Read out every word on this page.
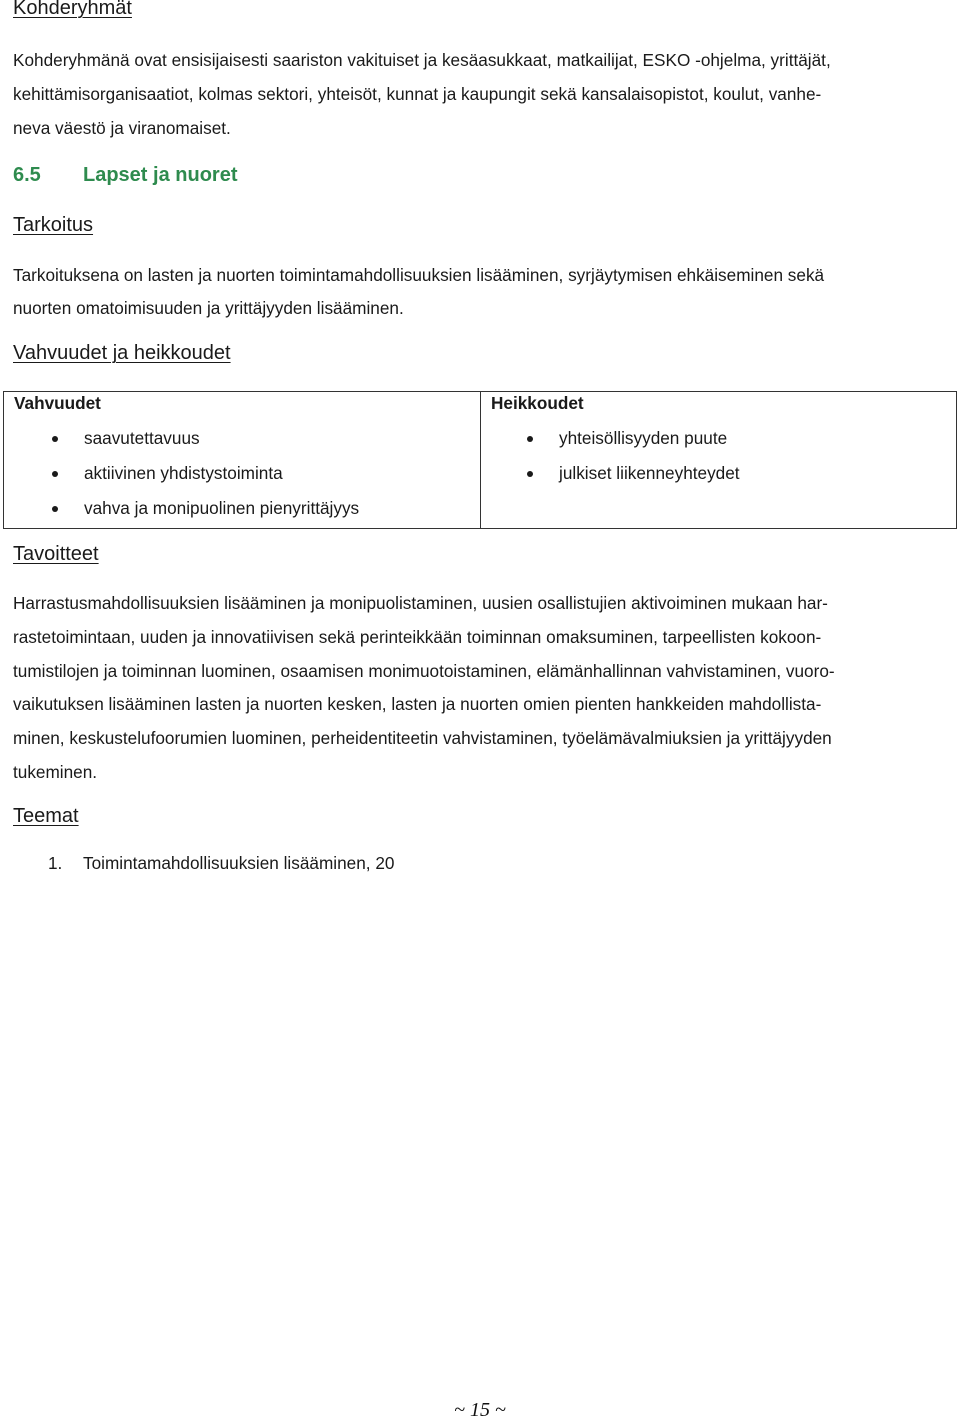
Kohderyhmät
Kohderyhmänä ovat ensisijaisesti saariston vakituiset ja kesäasukkaat, matkailijat, ESKO -ohjelma, yrittäjät,
kehittämisorganisaatiot, kolmas sektori, yhteisöt, kunnat ja kaupungit sekä kansalaisopistot, koulut, vanhe-
neva väestö ja viranomaiset.
6.5 Lapset ja nuoret
Tarkoitus
Tarkoituksena on lasten ja nuorten toimintamahdollisuuksien lisääminen, syrjäytymisen ehkäiseminen sekä
nuorten omatoimisuuden ja yrittäjyyden lisääminen.
Vahvuudet ja heikkoudet
Vahvuudet
saavutettavuus
aktiivinen yhdistystoiminta
vahva ja monipuolinen pienyrittäjyys
Heikkoudet
yhteisöllisyyden puute
julkiset liikenneyhteydet
Tavoitteet
Harrastusmahdollisuuksien lisääminen ja monipuolistaminen, uusien osallistujien aktivoiminen mukaan har-
rastetoimintaan, uuden ja innovatiivisen sekä perinteikkään toiminnan omaksuminen, tarpeellisten kokoon-
tumistilojen ja toiminnan luominen, osaamisen monimuotoistaminen, elämänhallinnan vahvistaminen, vuoro-
vaikutuksen lisääminen lasten ja nuorten kesken, lasten ja nuorten omien pienten hankkeiden mahdollista-
minen, keskustelufoorumien luominen, perheidentiteetin vahvistaminen, työelämävalmiuksien ja yrittäjyyden
tukeminen.
Teemat
1. Toimintamahdollisuuksien lisääminen, 20
~ 15 ~
